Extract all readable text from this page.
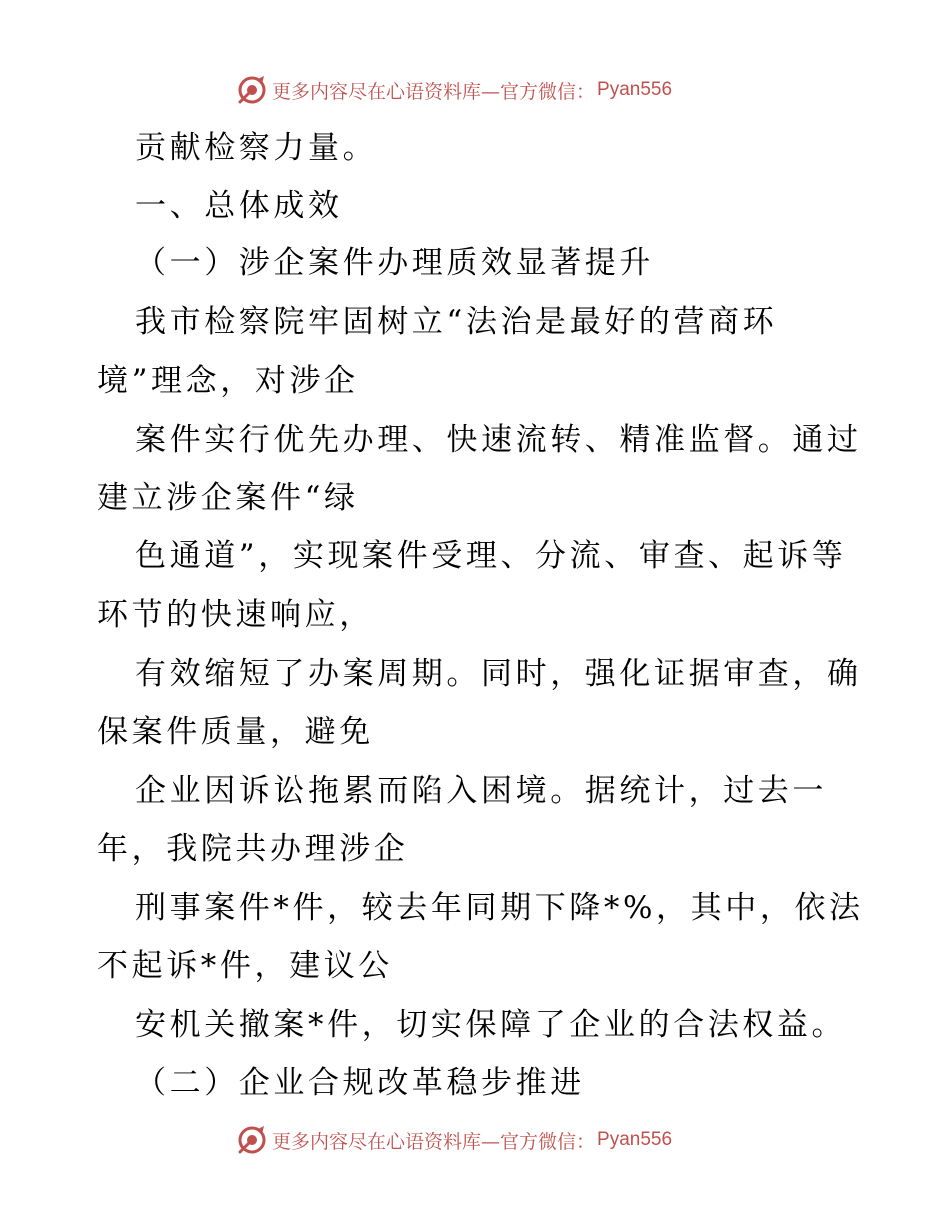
更多内容尽在心语资料库—官方微信： Pyan556
贡献检察力量。
一、总体成效
（一）涉企案件办理质效显著提升
我市检察院牢固树立“法治是最好的营商环
境”理念，对涉企
案件实行优先办理、快速流转、精准监督。通过
建立涉企案件“绿
色通道”，实现案件受理、分流、审查、起诉等
环节的快速响应，
有效缩短了办案周期。同时，强化证据审查，确
保案件质量，避免
企业因诉讼拖累而陷入困境。据统计，过去一
年，我院共办理涉企
刑事案件*件，较去年同期下降*%，其中，依法
不起诉*件，建议公
安机关撤案*件，切实保障了企业的合法权益。
（二）企业合规改革稳步推进
更多内容尽在心语资料库—官方微信： Pyan556
